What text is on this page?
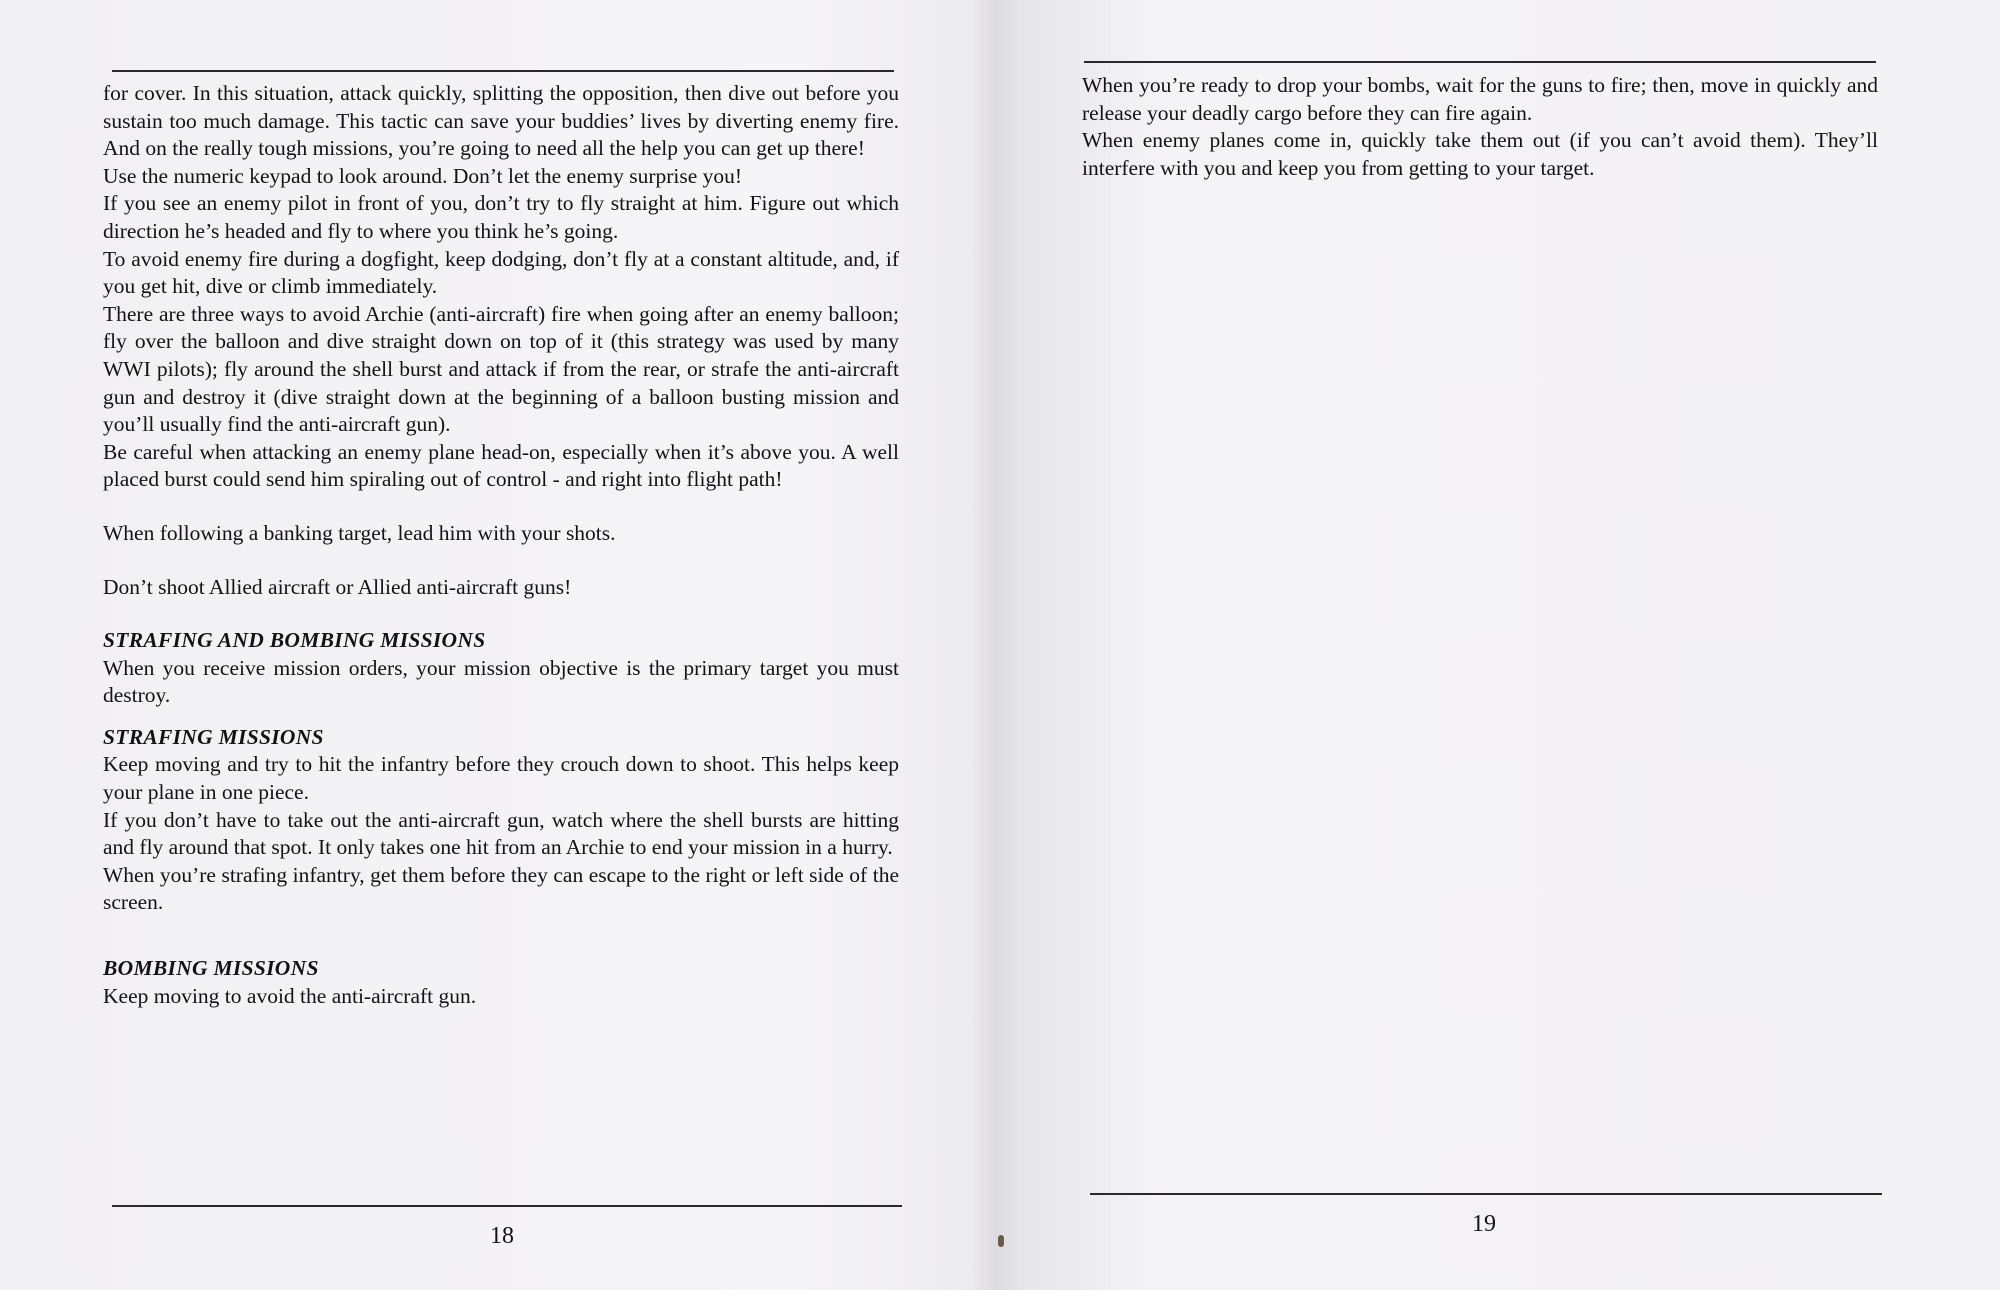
for cover. In this situation, attack quickly, splitting the opposition, then dive out before you sustain too much damage. This tactic can save your buddies’ lives by diverting enemy fire. And on the really tough missions, you’re going to need all the help you can get up there!

Use the numeric keypad to look around. Don’t let the enemy surprise you!

If you see an enemy pilot in front of you, don’t try to fly straight at him. Figure out which direction he’s headed and fly to where you think he’s going.

To avoid enemy fire during a dogfight, keep dodging, don’t fly at a constant altitude, and, if you get hit, dive or climb immediately.

There are three ways to avoid Archie (anti-aircraft) fire when going after an enemy balloon; fly over the balloon and dive straight down on top of it (this strategy was used by many WWI pilots); fly around the shell burst and attack if from the rear, or strafe the anti-aircraft gun and destroy it (dive straight down at the beginning of a balloon busting mission and you’ll usually find the anti-aircraft gun).

Be careful when attacking an enemy plane head-on, especially when it’s above you. A well placed burst could send him spiraling out of control - and right into flight path!

When following a banking target, lead him with your shots.

Don’t shoot Allied aircraft or Allied anti-aircraft guns!

STRAFING AND BOMBING MISSIONS

When you receive mission orders, your mission objective is the primary target you must destroy.

STRAFING MISSIONS

Keep moving and try to hit the infantry before they crouch down to shoot. This helps keep your plane in one piece.

If you don’t have to take out the anti-aircraft gun, watch where the shell bursts are hitting and fly around that spot. It only takes one hit from an Archie to end your mission in a hurry.

When you’re strafing infantry, get them before they can escape to the right or left side of the screen.

BOMBING MISSIONS

Keep moving to avoid the anti-aircraft gun.

18

When you’re ready to drop your bombs, wait for the guns to fire; then, move in quickly and release your deadly cargo before they can fire again.

When enemy planes come in, quickly take them out (if you can’t avoid them). They’ll interfere with you and keep you from getting to your target.

19
